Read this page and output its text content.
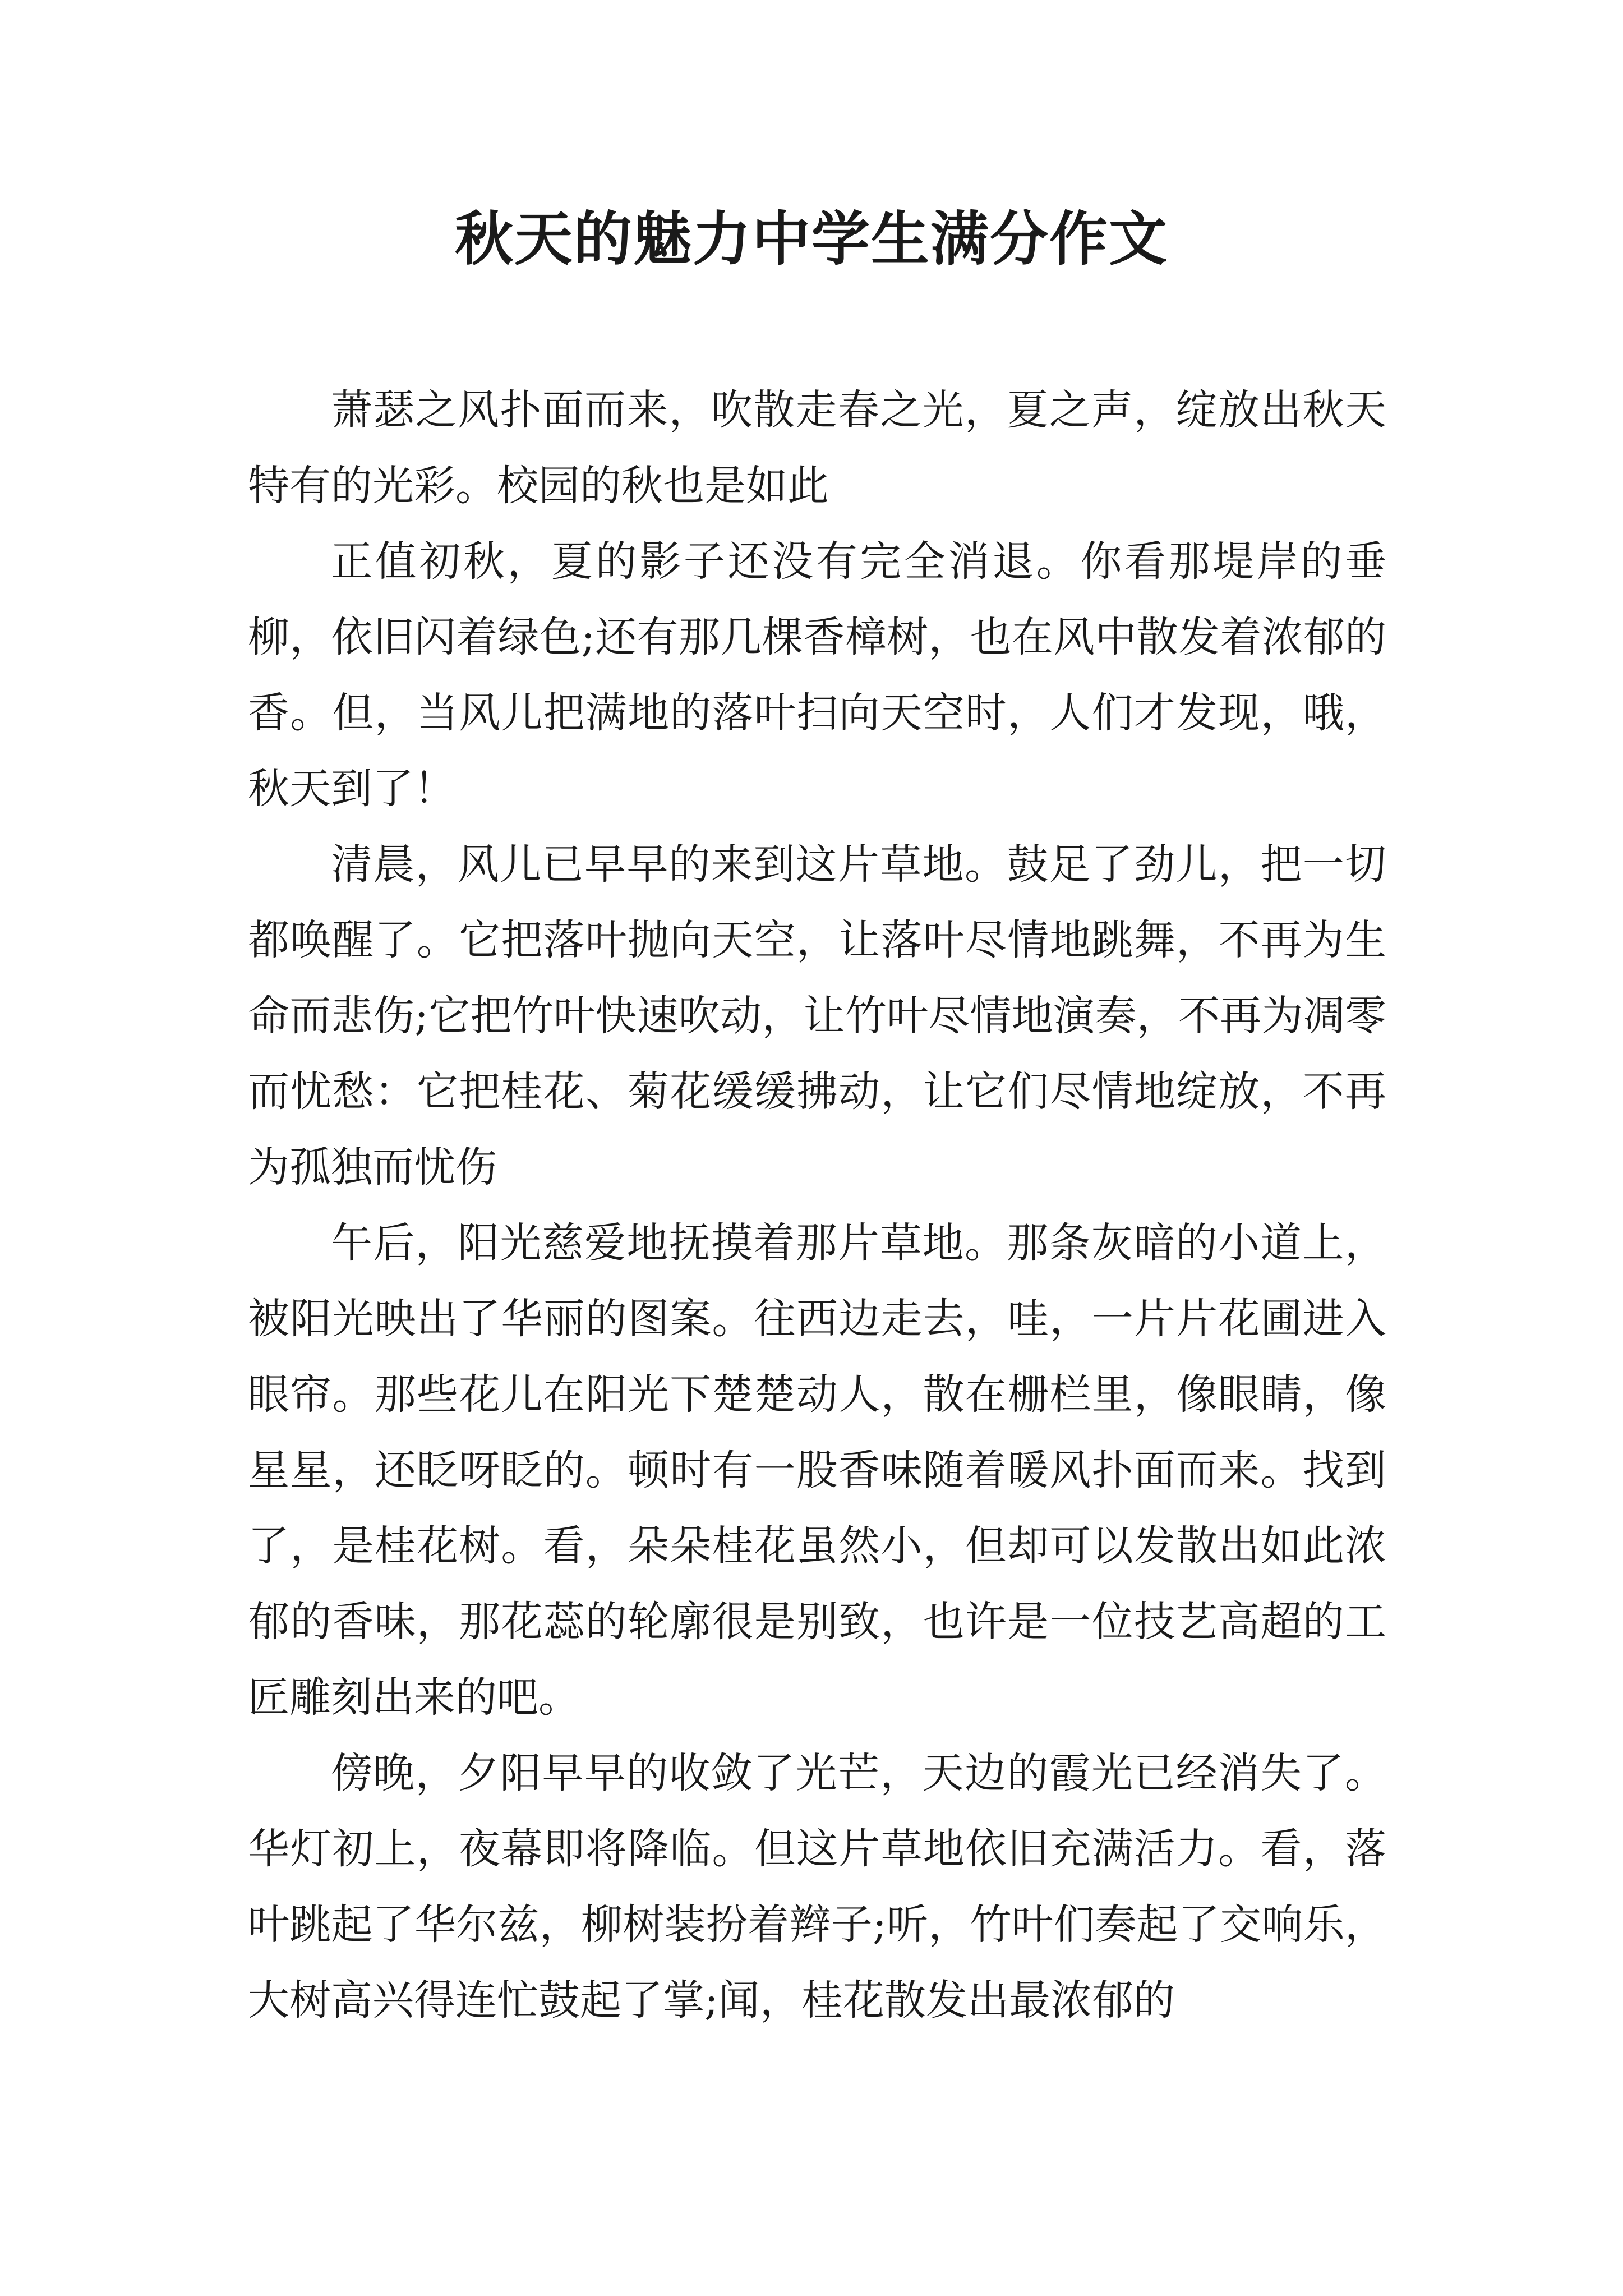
秋天的魅力中学生满分作文

萧瑟之风扑面而来，吹散走春之光，夏之声，绽放出秋天特有的光彩。校园的秋也是如此

正值初秋，夏的影子还没有完全消退。你看那堤岸的垂柳，依旧闪着绿色;还有那几棵香樟树，也在风中散发着浓郁的香。但，当风儿把满地的落叶扫向天空时，人们才发现，哦，秋天到了！

清晨，风儿已早早的来到这片草地。鼓足了劲儿，把一切都唤醒了。它把落叶抛向天空，让落叶尽情地跳舞，不再为生命而悲伤;它把竹叶快速吹动，让竹叶尽情地演奏，不再为凋零而忧愁：它把桂花、菊花缓缓拂动，让它们尽情地绽放，不再为孤独而忧伤

午后，阳光慈爱地抚摸着那片草地。那条灰暗的小道上，被阳光映出了华丽的图案。往西边走去，哇，一片片花圃进入眼帘。那些花儿在阳光下楚楚动人，散在栅栏里，像眼睛，像星星，还眨呀眨的。顿时有一股香味随着暖风扑面而来。找到了，是桂花树。看，朵朵桂花虽然小，但却可以发散出如此浓郁的香味，那花蕊的轮廓很是别致，也许是一位技艺高超的工匠雕刻出来的吧。

傍晚，夕阳早早的收敛了光芒，天边的霞光已经消失了。华灯初上，夜幕即将降临。但这片草地依旧充满活力。看，落叶跳起了华尔兹，柳树装扮着辫子;听，竹叶们奏起了交响乐，大树高兴得连忙鼓起了掌;闻，桂花散发出最浓郁的
